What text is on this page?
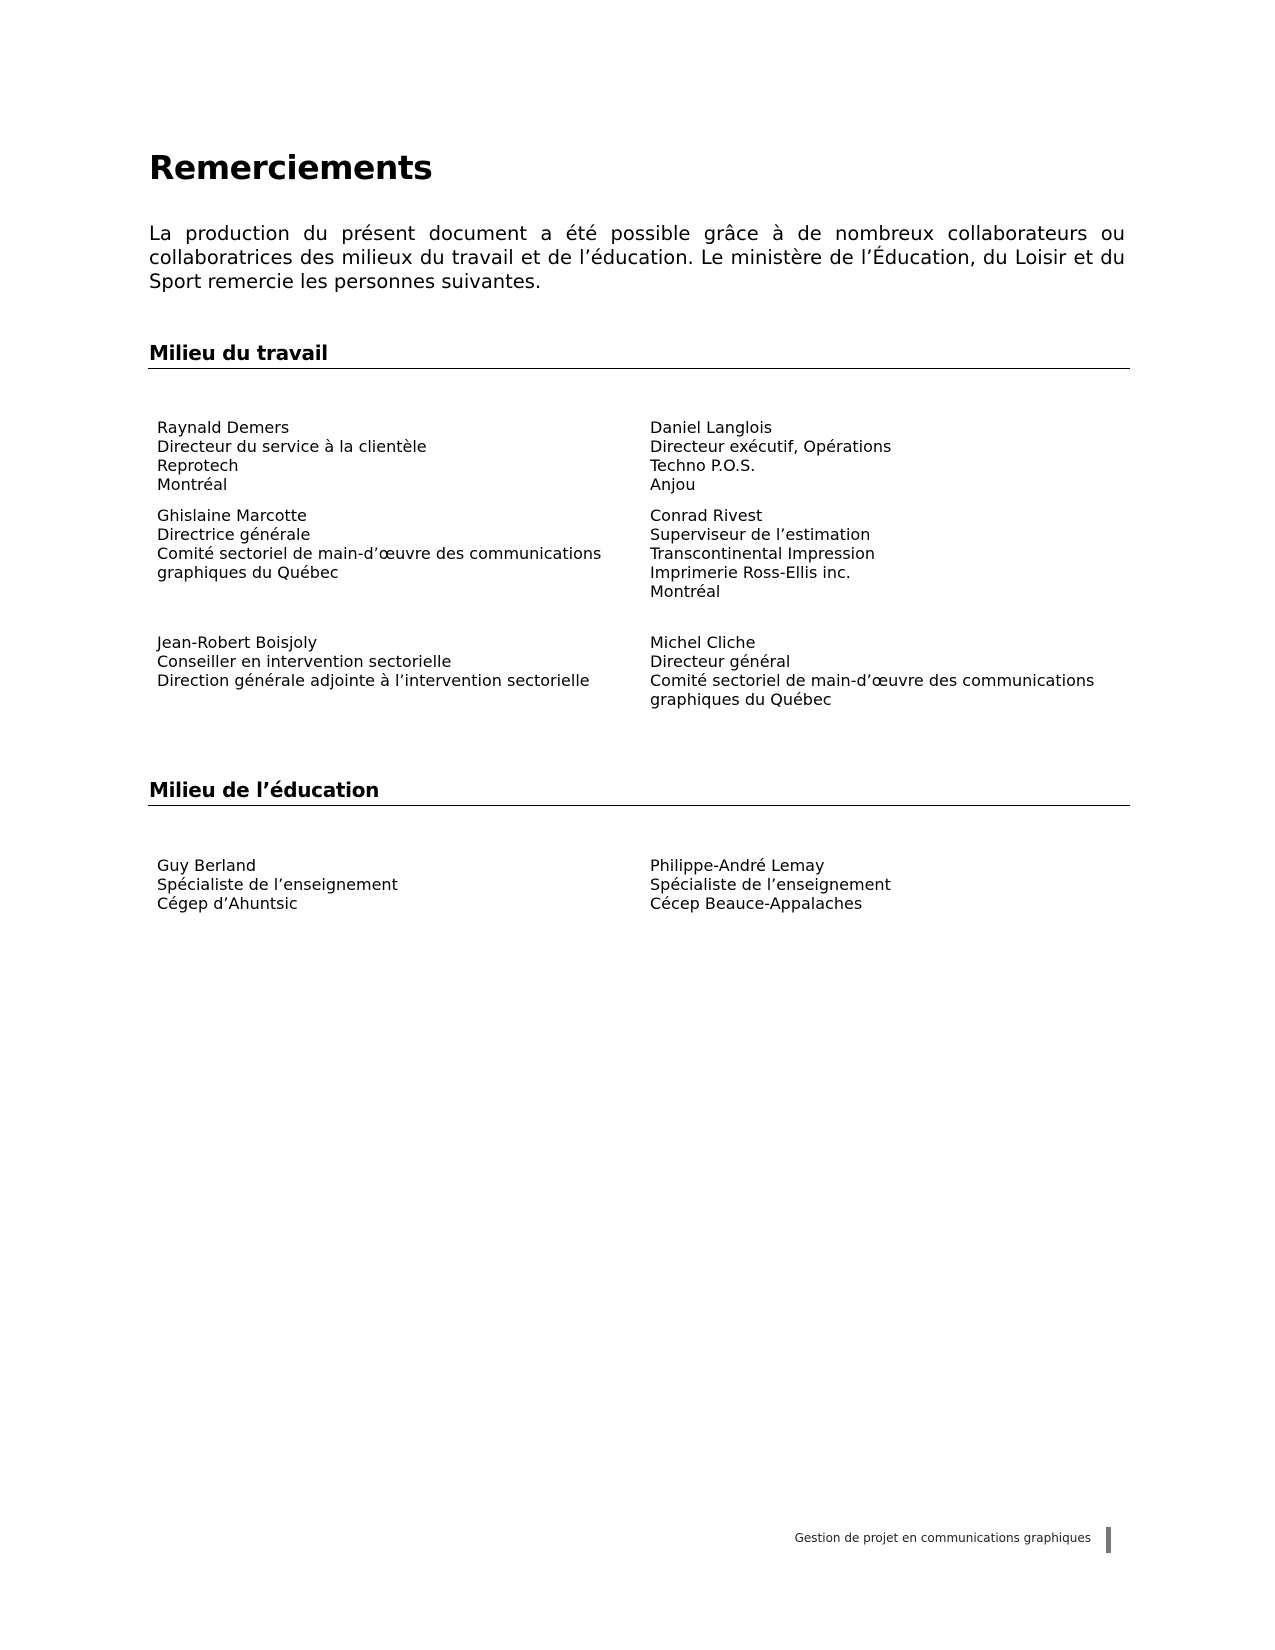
Remerciements

La production du présent document a été possible grâce à de nombreux collaborateurs ou collaboratrices des milieux du travail et de l’éducation. Le ministère de l’Éducation, du Loisir et du Sport remercie les personnes suivantes.

Milieu du travail
Raynald Demers
Directeur du service à la clientèle
Reprotech
Montréal
Daniel Langlois
Directeur exécutif, Opérations
Techno P.O.S.
Anjou
Ghislaine Marcotte
Directrice générale
Comité sectoriel de main-d’œuvre des communications
graphiques du Québec
Conrad Rivest
Superviseur de l’estimation
Transcontinental Impression
Imprimerie Ross-Ellis inc.
Montréal
Jean-Robert Boisjoly
Conseiller en intervention sectorielle
Direction générale adjointe à l’intervention sectorielle
Michel Cliche
Directeur général
Comité sectoriel de main-d’œuvre des communications
graphiques du Québec
Milieu de l’éducation
Guy Berland
Spécialiste de l’enseignement
Cégep d’Ahuntsic
Philippe-André Lemay
Spécialiste de l’enseignement
Cécep Beauce-Appalaches
Gestion de projet en communications graphiques
